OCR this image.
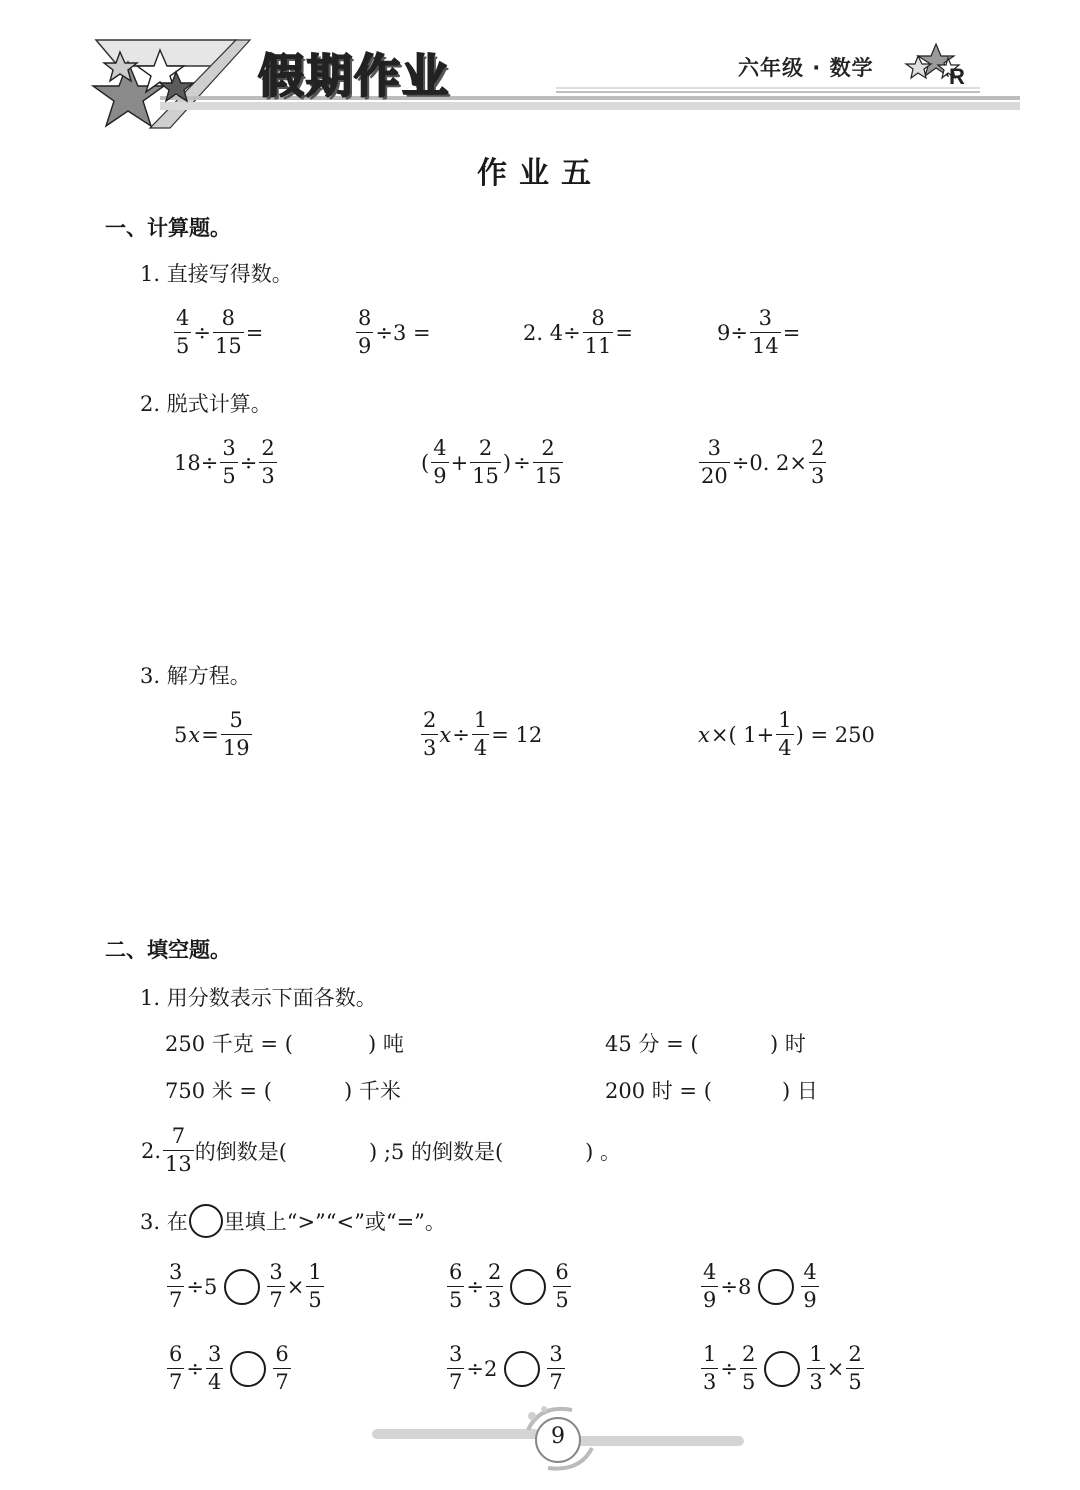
假期作业	六年级 · 数学	R
作业五
一、计算题。
1. 直接写得数。
$\frac{4}{5} \div \frac{8}{15}$ =	$\frac{8}{9} \div 3$ =	2. $4\div \frac{8}{11}$ =	$9\div \frac{3}{14}$ =
2. 脱式计算。
$18\div \frac{3}{5} \div \frac{2}{3}$	( $\frac{4}{9} + \frac{2}{15}$ ) ÷ $\frac{2}{15}$	$\frac{3}{20} \div 0$. $2\times \frac{2}{3}$
3. 解方程。
5 $x = \frac{5}{19}$	$\frac{2}{3}$ $x \div \frac{1}{4} = 12$	x ×( $1+ \frac{1}{4}$ ) = 250
二、填空题。
1. 用分数表示下面各数。
250 千克 = (	) 吨	45 分 = (	) 时
750 米 = (	) 千米	200 时 = (	) 日
2. $\frac{7}{13}$ 的倒数是(	) ;5 的倒数是(	) 。
3. 在 里填上“>”“<”或“=”。
$\frac{3}{7} \div 5 \frac{3}{7} \times \frac{1}{5}$	$\frac{6}{5} \div \frac{2}{3} \frac{6}{5}$	$\frac{4}{9} \div 8 \frac{4}{9}$
$\frac{6}{7} \div \frac{3}{4} \frac{6}{7}$	$\frac{3}{7} \div 2 \frac{3}{7}$	$\frac{1}{3} \div \frac{2}{5} \frac{1}{3} \times \frac{2}{5}$
9
